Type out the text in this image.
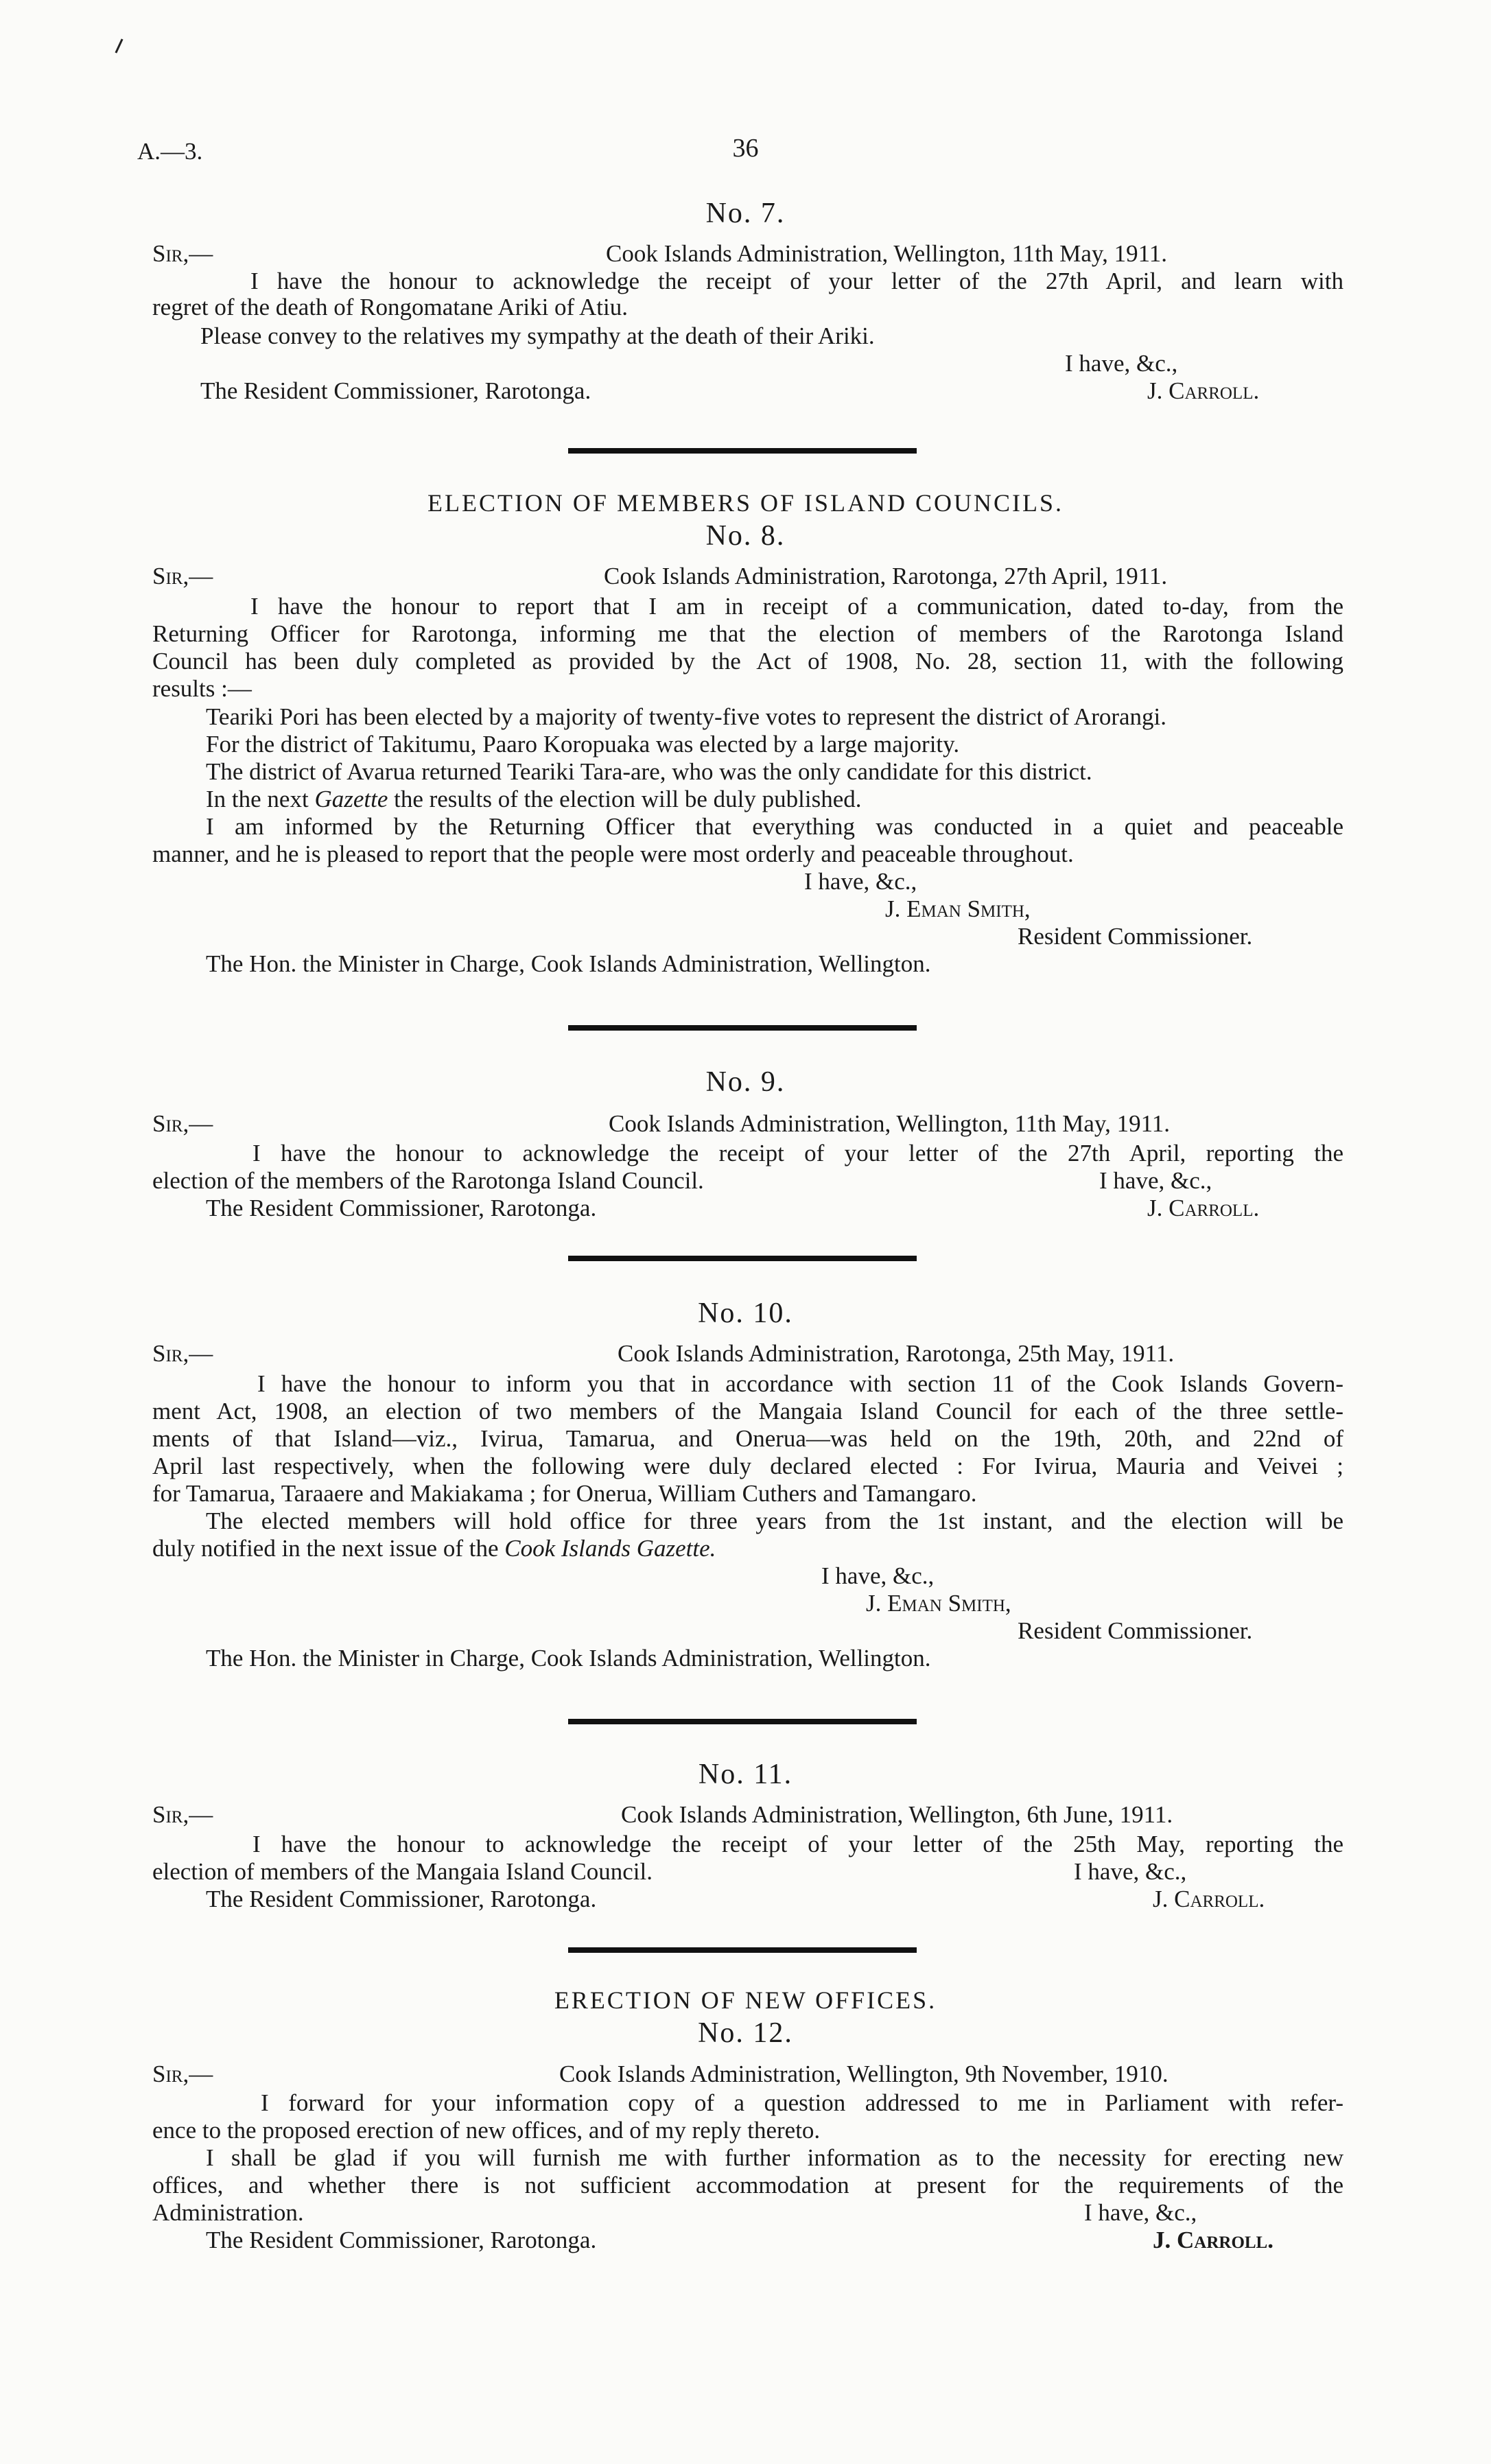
A.—3.	36
No. 7.
Sir,—	Cook Islands Administration, Wellington, 11th May, 1911.
I have the honour to acknowledge the receipt of your letter of the 27th April, and learn with
regret of the death of Rongomatane Ariki of Atiu.
Please convey to the relatives my sympathy at the death of their Ariki.
I have, &c.,
The Resident Commissioner, Rarotonga.	J. Carroll.
ELECTION OF MEMBERS OF ISLAND COUNCILS.
No. 8.
Sir,—	Cook Islands Administration, Rarotonga, 27th April, 1911.
I have the honour to report that I am in receipt of a communication, dated to-day, from the
Returning Officer for Rarotonga, informing me that the election of members of the Rarotonga Island
Council has been duly completed as provided by the Act of 1908, No. 28, section 11, with the following
results :—
Teariki Pori has been elected by a majority of twenty-five votes to represent the district of Arorangi.
For the district of Takitumu, Paaro Koropuaka was elected by a large majority.
The district of Avarua returned Teariki Tara-are, who was the only candidate for this district.
In the next Gazette the results of the election will be duly published.
I am informed by the Returning Officer that everything was conducted in a quiet and peaceable
manner, and he is pleased to report that the people were most orderly and peaceable throughout.
I have, &c.,
J. Eman Smith,
Resident Commissioner.
The Hon. the Minister in Charge, Cook Islands Administration, Wellington.
No. 9.
Sir,—	Cook Islands Administration, Wellington, 11th May, 1911.
I have the honour to acknowledge the receipt of your letter of the 27th April, reporting the
election of the members of the Rarotonga Island Council.	I have, &c.,
The Resident Commissioner, Rarotonga.	J. Carroll.
No. 10.
Sir,—	Cook Islands Administration, Rarotonga, 25th May, 1911.
I have the honour to inform you that in accordance with section 11 of the Cook Islands Govern-
ment Act, 1908, an election of two members of the Mangaia Island Council for each of the three settle-
ments of that Island—viz., Ivirua, Tamarua, and Onerua—was held on the 19th, 20th, and 22nd of
April last respectively, when the following were duly declared elected : For Ivirua, Mauria and Veivei ;
for Tamarua, Taraaere and Makiakama ; for Onerua, William Cuthers and Tamangaro.
The elected members will hold office for three years from the 1st instant, and the election will be
duly notified in the next issue of the Cook Islands Gazette.
I have, &c.,
J. Eman Smith,
Resident Commissioner.
The Hon. the Minister in Charge, Cook Islands Administration, Wellington.
No. 11.
Sir,—	Cook Islands Administration, Wellington, 6th June, 1911.
I have the honour to acknowledge the receipt of your letter of the 25th May, reporting the
election of members of the Mangaia Island Council.	I have, &c.,
The Resident Commissioner, Rarotonga.	J. Carroll.
ERECTION OF NEW OFFICES.
No. 12.
Sir,—	Cook Islands Administration, Wellington, 9th November, 1910.
I forward for your information copy of a question addressed to me in Parliament with refer-
ence to the proposed erection of new offices, and of my reply thereto.
I shall be glad if you will furnish me with further information as to the necessity for erecting new
offices, and whether there is not sufficient accommodation at present for the requirements of the
Administration.	I have, &c.,
The Resident Commissioner, Rarotonga.	J. Carroll.
